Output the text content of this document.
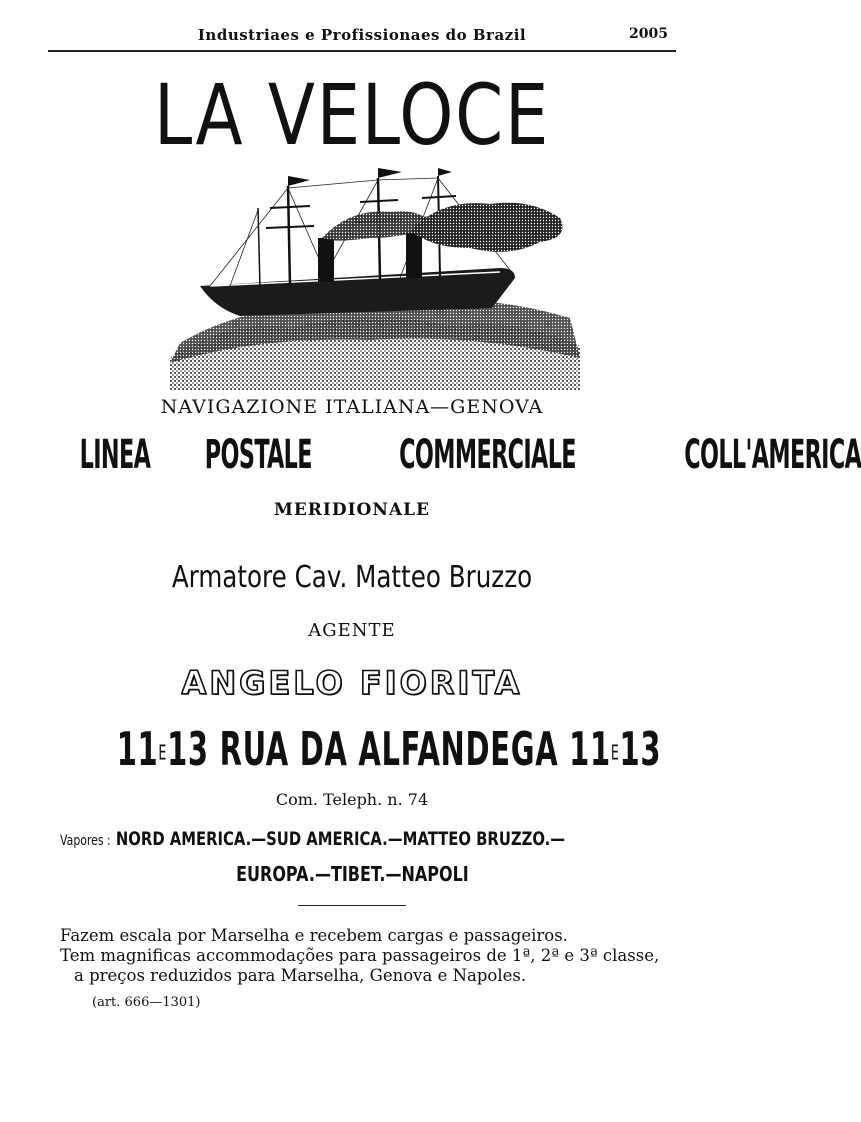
Industriaes e Profissionaes do Brazil	2005
LA VELOCE
NAVIGAZIONE ITALIANA—GENOVA
LINEA POSTALE COMMERCIALE	COLL'AMERICA
MERIDIONALE
Armatore Cav. Matteo Bruzzo
AGENTE
ANGELO FIORITA
11E13 RUA DA ALFANDEGA 11E13
Com. Teleph. n. 74
Vapores : NORD AMERICA.—SUD AMERICA.—MATTEO BRUZZO.—
EUROPA.—TIBET.—NAPOLI
Fazem escala por Marselha e recebem cargas e passageiros.
Tem magnificas accommodações para passageiros de 1ª, 2ª e 3ª classe,
a preços reduzidos para Marselha, Genova e Napoles.
(art. 666—1301)
